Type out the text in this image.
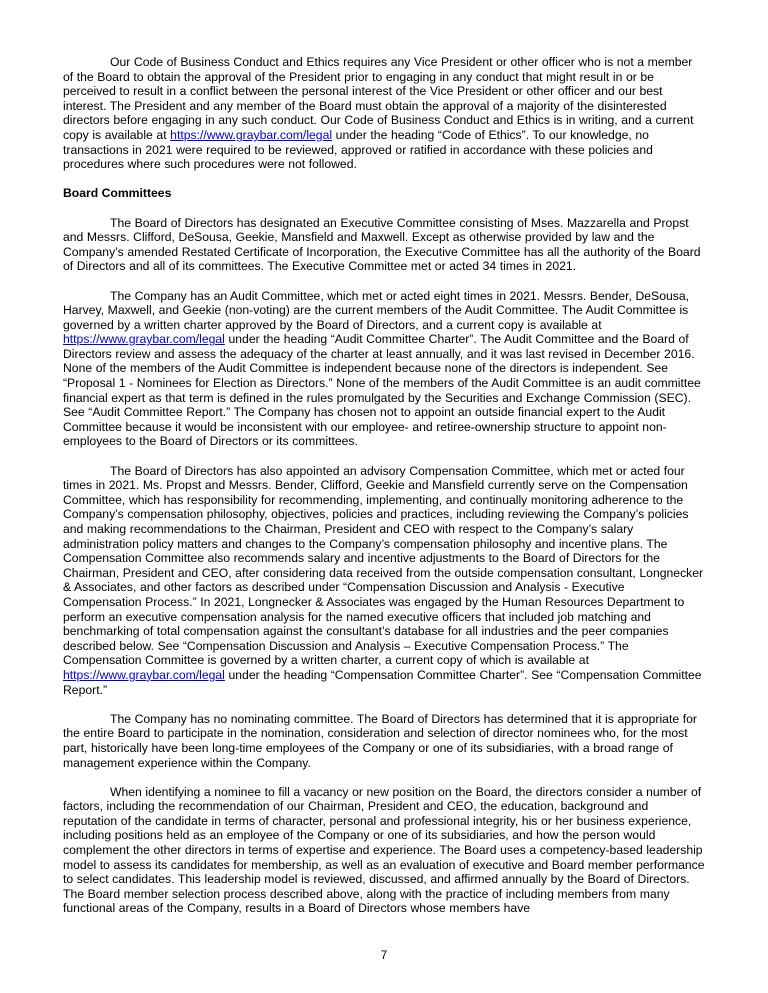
Our Code of Business Conduct and Ethics requires any Vice President or other officer who is not a member of the Board to obtain the approval of the President prior to engaging in any conduct that might result in or be perceived to result in a conflict between the personal interest of the Vice President or other officer and our best interest. The President and any member of the Board must obtain the approval of a majority of the disinterested directors before engaging in any such conduct. Our Code of Business Conduct and Ethics is in writing, and a current copy is available at https://www.graybar.com/legal under the heading “Code of Ethics”. To our knowledge, no transactions in 2021 were required to be reviewed, approved or ratified in accordance with these policies and procedures where such procedures were not followed.

Board Committees

The Board of Directors has designated an Executive Committee consisting of Mses. Mazzarella and Propst and Messrs. Clifford, DeSousa, Geekie, Mansfield and Maxwell. Except as otherwise provided by law and the Company’s amended Restated Certificate of Incorporation, the Executive Committee has all the authority of the Board of Directors and all of its committees. The Executive Committee met or acted 34 times in 2021.

The Company has an Audit Committee, which met or acted eight times in 2021. Messrs. Bender, DeSousa, Harvey, Maxwell, and Geekie (non-voting) are the current members of the Audit Committee. The Audit Committee is governed by a written charter approved by the Board of Directors, and a current copy is available at https://www.graybar.com/legal under the heading “Audit Committee Charter”. The Audit Committee and the Board of Directors review and assess the adequacy of the charter at least annually, and it was last revised in December 2016. None of the members of the Audit Committee is independent because none of the directors is independent. See “Proposal 1 - Nominees for Election as Directors.” None of the members of the Audit Committee is an audit committee financial expert as that term is defined in the rules promulgated by the Securities and Exchange Commission (SEC). See “Audit Committee Report.” The Company has chosen not to appoint an outside financial expert to the Audit Committee because it would be inconsistent with our employee- and retiree-ownership structure to appoint non-employees to the Board of Directors or its committees.

The Board of Directors has also appointed an advisory Compensation Committee, which met or acted four times in 2021. Ms. Propst and Messrs. Bender, Clifford, Geekie and Mansfield currently serve on the Compensation Committee, which has responsibility for recommending, implementing, and continually monitoring adherence to the Company’s compensation philosophy, objectives, policies and practices, including reviewing the Company’s policies and making recommendations to the Chairman, President and CEO with respect to the Company’s salary administration policy matters and changes to the Company’s compensation philosophy and incentive plans. The Compensation Committee also recommends salary and incentive adjustments to the Board of Directors for the Chairman, President and CEO, after considering data received from the outside compensation consultant, Longnecker & Associates, and other factors as described under “Compensation Discussion and Analysis - Executive Compensation Process.” In 2021, Longnecker & Associates was engaged by the Human Resources Department to perform an executive compensation analysis for the named executive officers that included job matching and benchmarking of total compensation against the consultant’s database for all industries and the peer companies described below. See “Compensation Discussion and Analysis – Executive Compensation Process.” The Compensation Committee is governed by a written charter, a current copy of which is available at https://www.graybar.com/legal under the heading “Compensation Committee Charter”. See “Compensation Committee Report.”

The Company has no nominating committee. The Board of Directors has determined that it is appropriate for the entire Board to participate in the nomination, consideration and selection of director nominees who, for the most part, historically have been long-time employees of the Company or one of its subsidiaries, with a broad range of management experience within the Company.

When identifying a nominee to fill a vacancy or new position on the Board, the directors consider a number of factors, including the recommendation of our Chairman, President and CEO, the education, background and reputation of the candidate in terms of character, personal and professional integrity, his or her business experience, including positions held as an employee of the Company or one of its subsidiaries, and how the person would complement the other directors in terms of expertise and experience. The Board uses a competency-based leadership model to assess its candidates for membership, as well as an evaluation of executive and Board member performance to select candidates. This leadership model is reviewed, discussed, and affirmed annually by the Board of Directors. The Board member selection process described above, along with the practice of including members from many functional areas of the Company, results in a Board of Directors whose members have

7
